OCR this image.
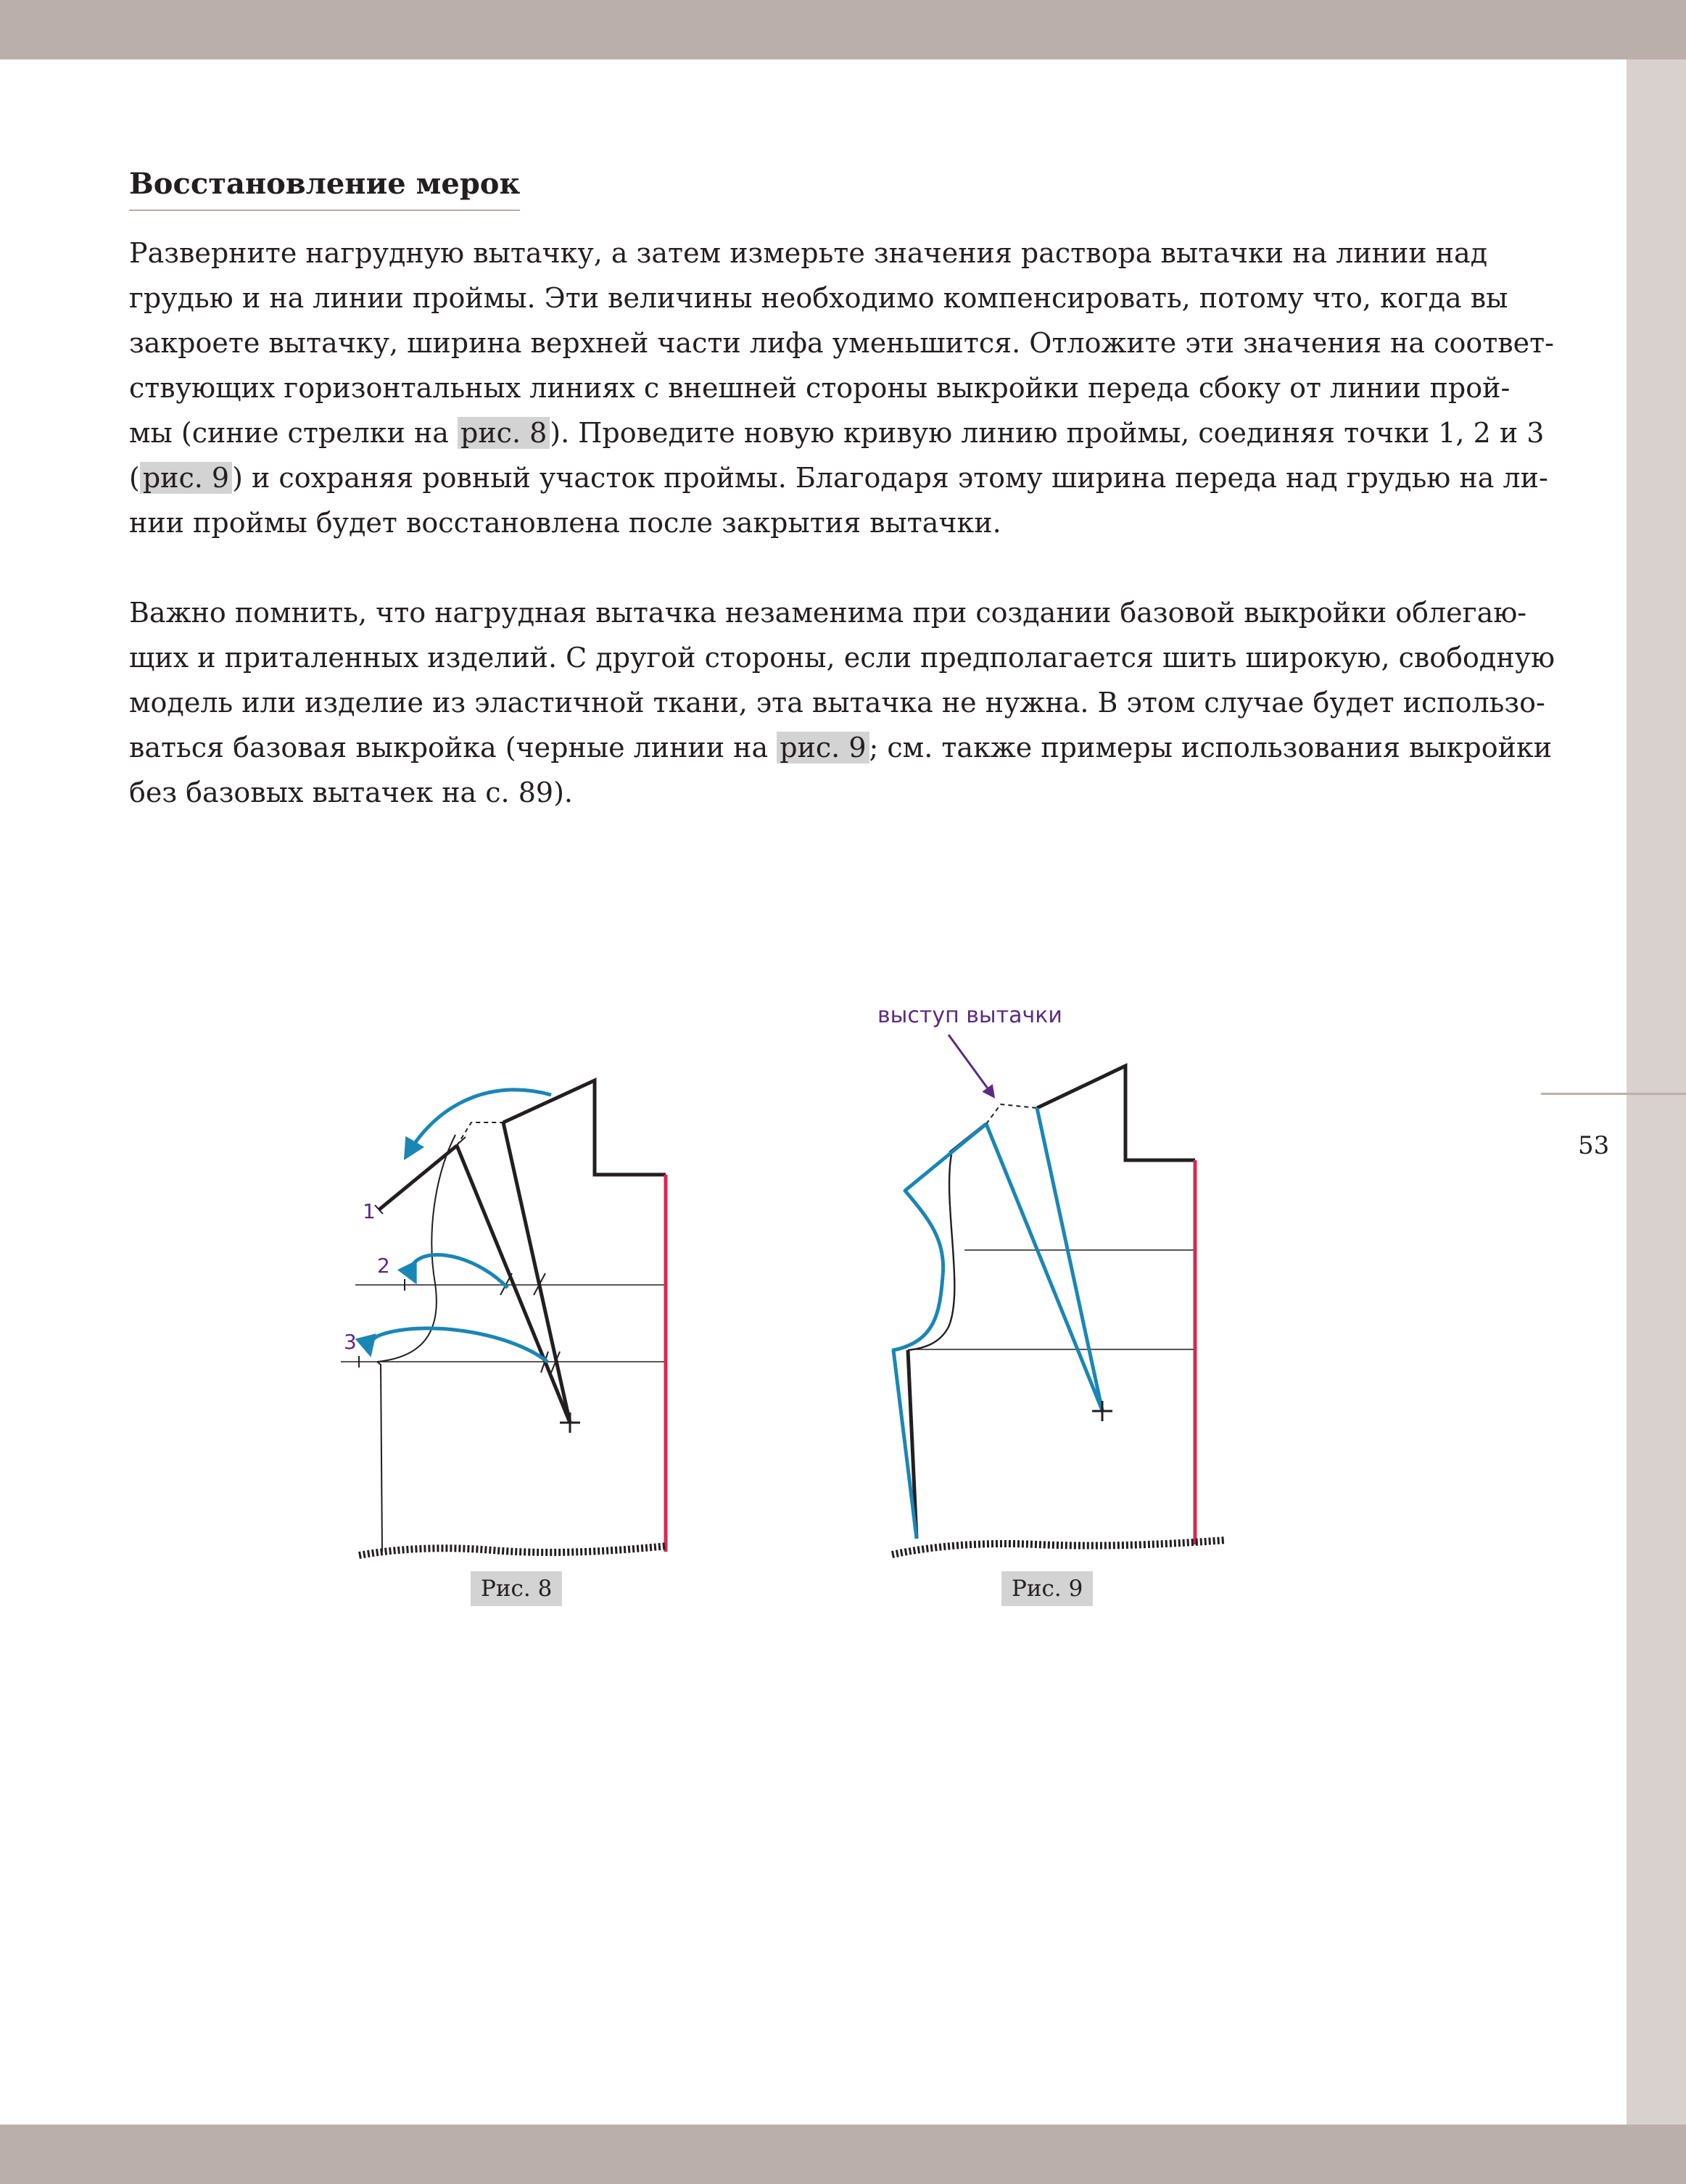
53
Восстановление мерок

Разверните нагрудную вытачку, а затем измерьте значения раствора вытачки на линии над
грудью и на линии проймы. Эти величины необходимо компенсировать, потому что, когда вы
закроете вытачку, ширина верхней части лифа уменьшится. Отложите эти значения на соответ-
ствующих горизонтальных линиях с внешней стороны выкройки переда сбоку от линии прой-
мы (синие стрелки на рис. 8 ). Проведите новую кривую линию проймы, соединяя точки 1, 2 и 3
( рис. 9 ) и сохраняя ровный участок проймы. Благодаря этому ширина переда над грудью на ли-
нии проймы будет восстановлена после закрытия вытачки.

Важно помнить, что нагрудная вытачка незаменима при создании базовой выкройки облегаю-
щих и приталенных изделий. С другой стороны, если предполагается шить широкую, свободную
модель или изделие из эластичной ткани, эта вытачка не нужна. В этом случае будет использо-
ваться базовая выкройка (черные линии на рис. 9 ; см. также примеры использования выкройки
без базовых вытачек на с. 89).

1
2
3
Рис. 8
выступ вытачки
Рис. 9
